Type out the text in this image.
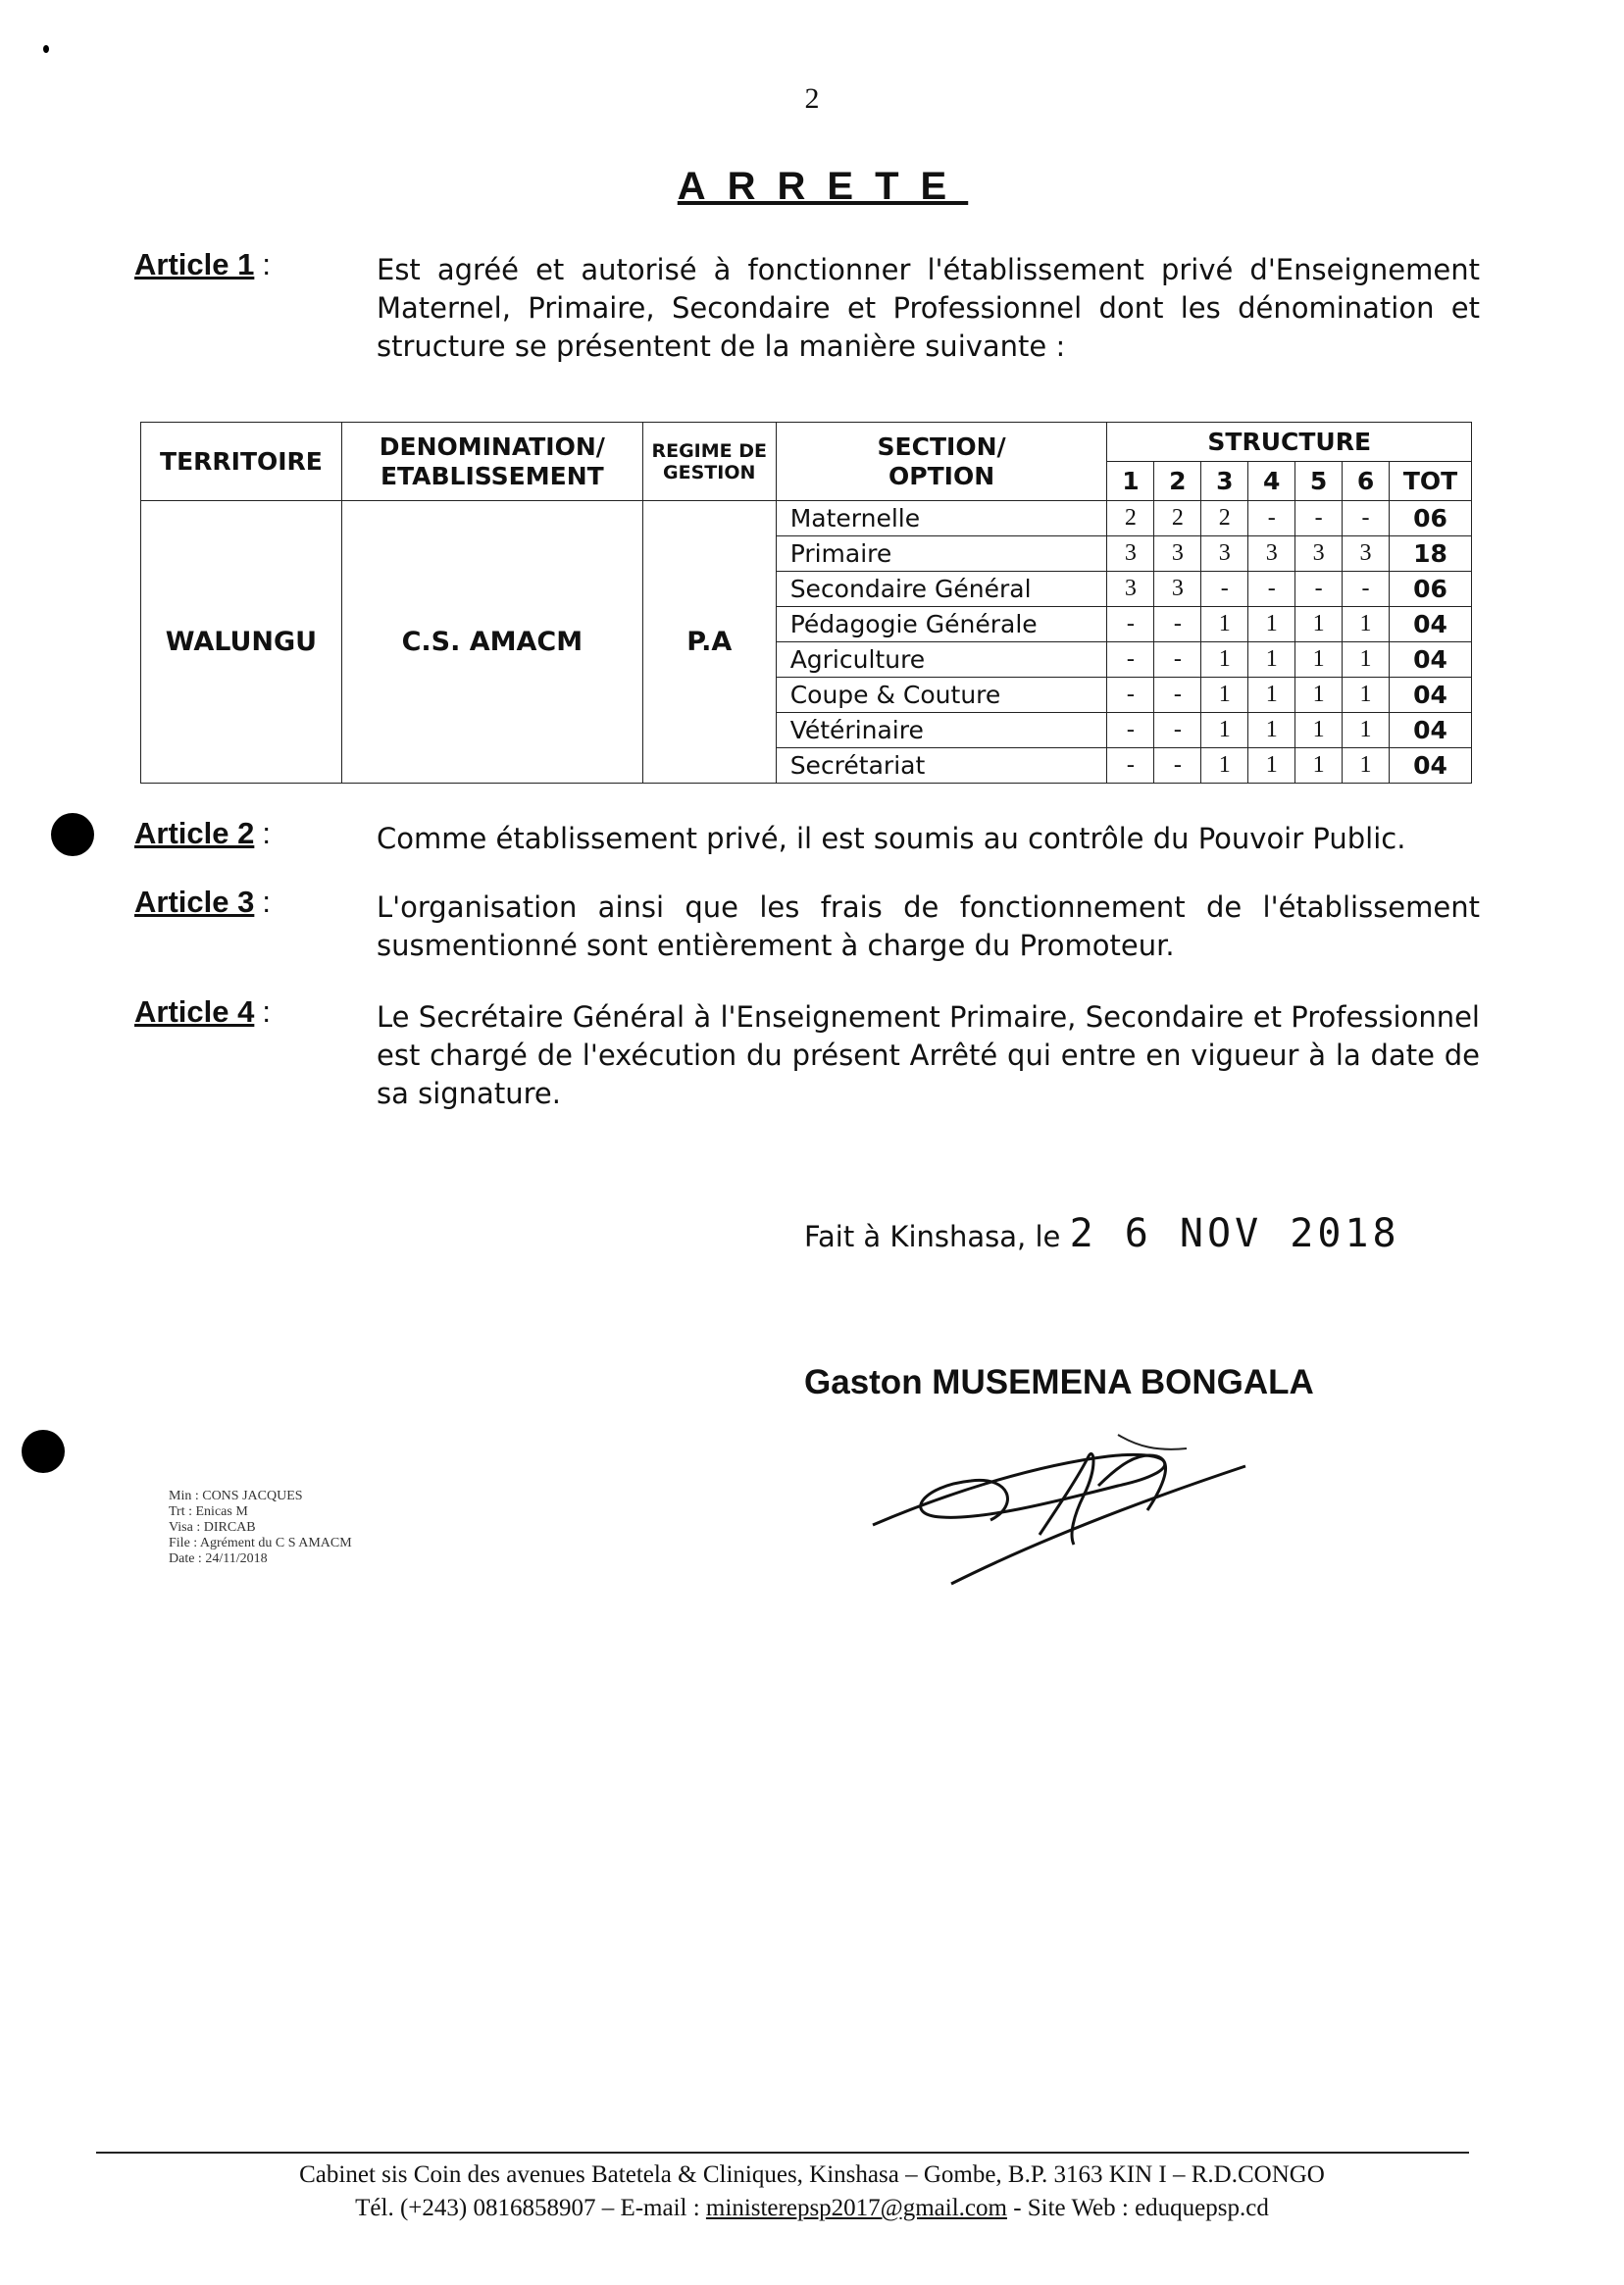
2
ARRETE
Article 1 :	Est agréé et autorisé à fonctionner l'établissement privé d'Enseignement Maternel, Primaire, Secondaire et Professionnel dont les dénomination et structure se présentent de la manière suivante :
TERRITOIRE	DENOMINATION/ ETABLISSEMENT	REGIME DE GESTION	SECTION/ OPTION	STRUCTURE						
				1	2	3	4	5	6	TOT
WALUNGU	C.S. AMACM	P.A	Maternelle	2	2	2	-	-	-	06
			Primaire	3	3	3	3	3	3	18
			Secondaire Général	3	3	-	-	-	-	06
			Pédagogie Générale	-	-	1	1	1	1	04
			Agriculture	-	-	1	1	1	1	04
			Coupe & Couture	-	-	1	1	1	1	04
			Vétérinaire	-	-	1	1	1	1	04
			Secrétariat	-	-	1	1	1	1	04
Article 2 :	Comme établissement privé, il est soumis au contrôle du Pouvoir Public.
Article 3 :	L'organisation ainsi que les frais de fonctionnement de l'établissement susmentionné sont entièrement à charge du Promoteur.
Article 4 :	Le Secrétaire Général à l'Enseignement Primaire, Secondaire et Professionnel est chargé de l'exécution du présent Arrêté qui entre en vigueur à la date de sa signature.
Fait à Kinshasa, le 2 6 NOV 2018
Gaston MUSEMENA BONGALA
Min : CONS JACQUES
Trt : Enicas M
Visa : DIRCAB
File : Agrément du C S AMACM
Date : 24/11/2018
Cabinet sis Coin des avenues Batetela & Cliniques, Kinshasa – Gombe, B.P. 3163 KIN I – R.D.CONGO
Tél. (+243) 0816858907 – E-mail : ministerepsp2017@gmail.com - Site Web : eduquepsp.cd
